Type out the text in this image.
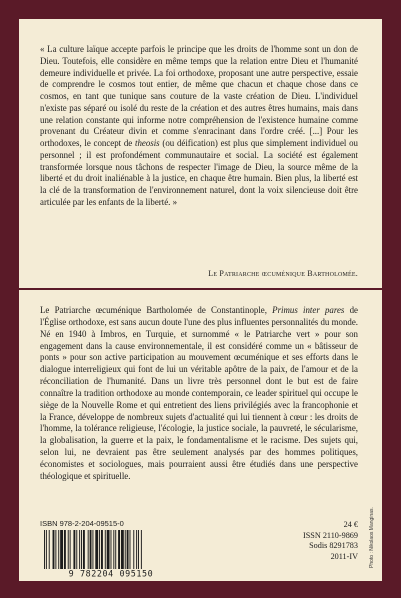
« La culture laïque accepte parfois le principe que les droits de l'homme sont un don de Dieu. Toutefois, elle considère en même temps que la relation entre Dieu et l'humanité demeure individuelle et privée. La foi orthodoxe, proposant une autre perspective, essaie de comprendre le cosmos tout entier, de même que chacun et chaque chose dans ce cosmos, en tant que tunique sans couture de la vaste création de Dieu. L'individuel n'existe pas séparé ou isolé du reste de la création et des autres êtres humains, mais dans une relation constante qui informe notre compréhension de l'existence humaine comme provenant du Créateur divin et comme s'enracinant dans l'ordre créé. [...] Pour les orthodoxes, le concept de theosis (ou déification) est plus que simplement individuel ou personnel ; il est profondément communautaire et social. La société est également transformée lorsque nous tâchons de respecter l'image de Dieu, la source même de la liberté et du droit inaliénable à la justice, en chaque être humain. Bien plus, la liberté est la clé de la transformation de l'environnement naturel, dont la voix silencieuse doit être articulée par les enfants de la liberté. »

Le Patriarche œcuménique Bartholomée.

Le Patriarche œcuménique Bartholomée de Constantinople, Primus inter pares de l'Église orthodoxe, est sans aucun doute l'une des plus influentes personnalités du monde. Né en 1940 à Imbros, en Turquie, et surnommé « le Patriarche vert » pour son engagement dans la cause environnementale, il est considéré comme un « bâtisseur de ponts » pour son active participation au mouvement œcuménique et ses efforts dans le dialogue interreligieux qui font de lui un véritable apôtre de la paix, de l'amour et de la réconciliation de l'humanité. Dans un livre très personnel dont le but est de faire connaître la tradition orthodoxe au monde contemporain, ce leader spirituel qui occupe le siège de la Nouvelle Rome et qui entretient des liens privilégiés avec la francophonie et la France, développe de nombreux sujets d'actualité qui lui tiennent à cœur : les droits de l'homme, la tolérance religieuse, l'écologie, la justice sociale, la pauvreté, le sécularisme, la globalisation, la guerre et la paix, le fondamentalisme et le racisme. Des sujets qui, selon lui, ne devraient pas être seulement analysés par des hommes politiques, économistes et sociologues, mais pourraient aussi être étudiés dans une perspective théologique et spirituelle.

ISBN 978-2-204-09515-0

9 782204 095150
24 €
ISSN 2110-9869
Sodis 8291783
2011-IV Photo : Nikolaos Manginas.
